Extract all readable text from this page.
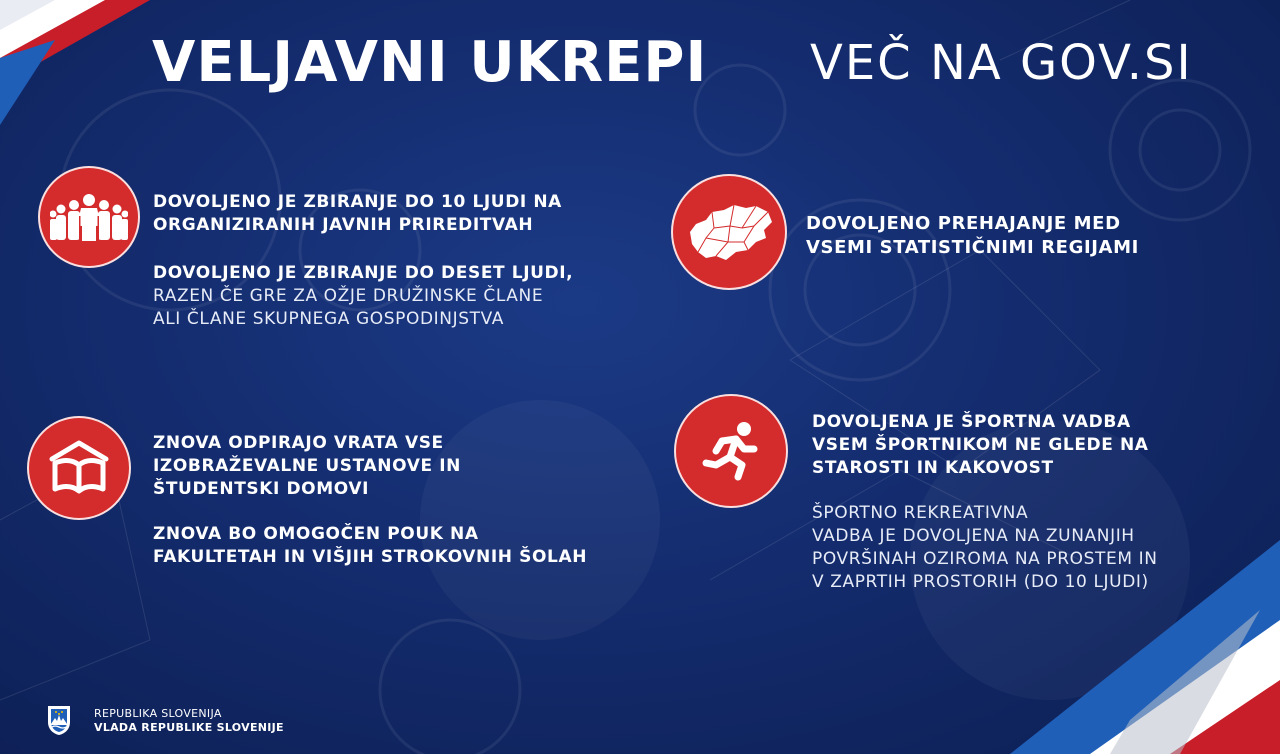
VELJAVNI UKREPI VEČ NA GOV.SI
DOVOLJENO JE ZBIRANJE DO 10 LJUDI NA
ORGANIZIRANIH JAVNIH PRIREDITVAH
DOVOLJENO JE ZBIRANJE DO DESET LJUDI,
RAZEN ČE GRE ZA OŽJE DRUŽINSKE ČLANE
ALI ČLANE SKUPNEGA GOSPODINJSTVA
DOVOLJENO PREHAJANJE MED
VSEMI STATISTIČNIMI REGIJAMI
ZNOVA ODPIRAJO VRATA VSE
IZOBRAŽEVALNE USTANOVE IN
ŠTUDENTSKI DOMOVI
ZNOVA BO OMOGOČEN POUK NA
FAKULTETAH IN VIŠJIH STROKOVNIH ŠOLAH
DOVOLJENA JE ŠPORTNA VADBA
VSEM ŠPORTNIKOM NE GLEDE NA
STAROSTI IN KAKOVOST
ŠPORTNO REKREATIVNA
VADBA JE DOVOLJENA NA ZUNANJIH
POVRŠINAH OZIROMA NA PROSTEM IN
V ZAPRTIH PROSTORIH (DO 10 LJUDI)
REPUBLIKA SLOVENIJA
VLADA REPUBLIKE SLOVENIJE
